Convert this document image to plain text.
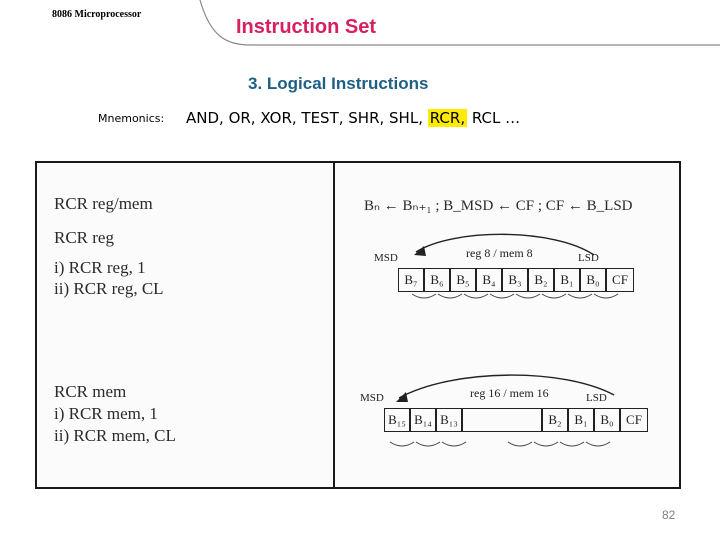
8086 Microprocessor
Instruction Set
3. Logical Instructions
Mnemonics: AND, OR, XOR, TEST, SHR, SHL, RCR, RCL …
RCR reg/mem
RCR reg
i) RCR reg, 1
ii) RCR reg, CL
RCR mem
i) RCR mem, 1
ii) RCR mem, CL
Bₙ ← Bₙ₊₁ ; B_MSD ← CF ; CF ← B_LSD
MSD	LSD
reg 8 / mem 8
B₇ B₆ B₅ B₄ B₃ B₂ B₁ B₀ CF
MSD	LSD
reg 16 / mem 16
B₁₅ B₁₄ B₁₃	B₂ B₁ B₀ CF
82
